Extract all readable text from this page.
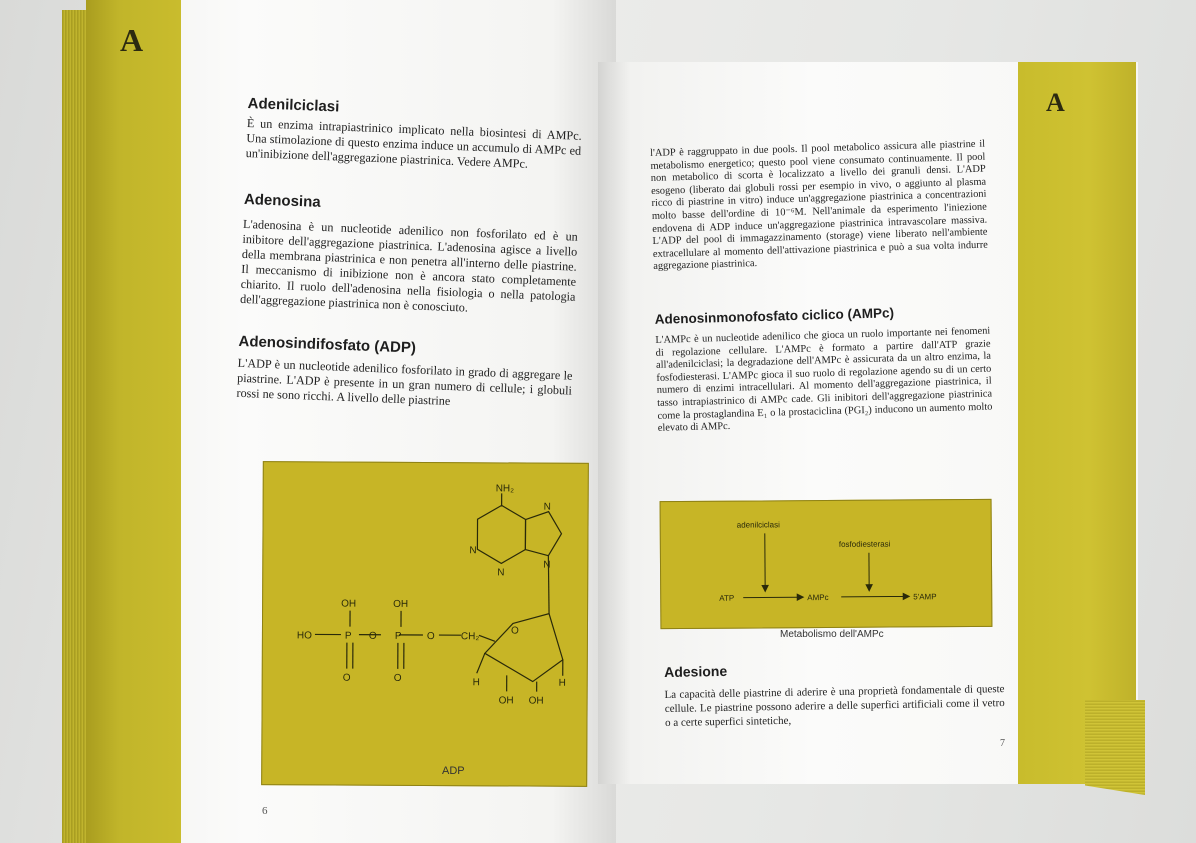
A
A
Adenilciclasi

È un enzima intrapiastrinico implicato nella biosintesi di AMPc. Una stimolazione di questo enzima induce un accumulo di AMPc ed un'inibizione dell'aggregazione piastrinica. Vedere AMPc.

Adenosina

L'adenosina è un nucleotide adenilico non fosforilato ed è un inibitore dell'aggregazione piastrinica. L'adenosina agisce a livello della membrana piastrinica e non penetra all'interno delle piastrine. Il meccanismo di inibizione non è ancora stato completamente chiarito. Il ruolo dell'adenosina nella fisiologia o nella patologia dell'aggregazione piastrinica non è conosciuto.

Adenosindifosfato (ADP)

L'ADP è un nucleotide adenilico fosforilato in grado di aggregare le piastrine. L'ADP è presente in un gran numero di cellule; i globuli rossi ne sono ricchi. A livello delle piastrine

NH₂
N
N
N
N
OH	OH
HO	P O P	O	CH₂
O	O
O
H	H
OH OH
ADP
6

l'ADP è raggruppato in due pools. Il pool metabolico assicura alle piastrine il metabolismo energetico; questo pool viene consumato continuamente. Il pool non metabolico di scorta è localizzato a livello dei granuli densi. L'ADP esogeno (liberato dai globuli rossi per esempio in vivo, o aggiunto al plasma ricco di piastrine in vitro) induce un'aggregazione piastrinica a concentrazioni molto basse dell'ordine di 10⁻⁶M. Nell'animale da esperimento l'iniezione endovena di ADP induce un'aggregazione piastrinica intravascolare massiva. L'ADP del pool di immagazzinamento (storage) viene liberato nell'ambiente extracellulare al momento dell'attivazione piastrinica e può a sua volta indurre aggregazione piastrinica.

Adenosinmonofosfato ciclico (AMPc)

L'AMPc è un nucleotide adenilico che gioca un ruolo importante nei fenomeni di regolazione cellulare. L'AMPc è formato a partire dall'ATP grazie all'adenilciclasi; la degradazione dell'AMPc è assicurata da un altro enzima, la fosfodiesterasi. L'AMPc gioca il suo ruolo di regolazione agendo su di un certo numero di enzimi intracellulari. Al momento dell'aggregazione piastrinica, il tasso intrapiastrinico di AMPc cade. Gli inibitori dell'aggregazione piastrinica come la prostaglandina E₁ o la prostaciclina (PGI₂) inducono un aumento molto elevato di AMPc.

adenilciclasi
fosfodiesterasi
ATP	AMPc	5'AMP
Metabolismo dell'AMPc
Adesione

La capacità delle piastrine di aderire è una proprietà fondamentale di queste cellule. Le piastrine possono aderire a delle superfici artificiali come il vetro o a certe superfici sintetiche,

7
